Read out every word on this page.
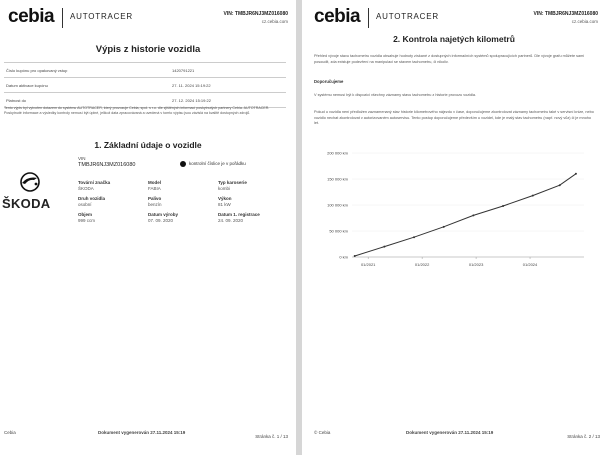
cebia AUTOTRACER	VIN: TMBJR6NJ3MZ016080
cz.cebia.com
Výpis z historie vozidla
Číslo kupónu pro opakovaný vstup	1420791221
Datum aktivace kupónu	27. 11. 2024 15:19:22
Platnost do	27. 12. 2024 15:19:22
Tento výpis byl vytvořen dotazem do systému AUTOTRACER, který provozuje Cebia, spol. s r.o. dle zjištěných informací poskytnutých partnery Cebia. AUTOTRACER. Poskytnuté informace a výsledky kontroly nemusí být úplné, jelikož data zpracovávaná a uvedená v tomto výpisu jsou závislá na kvalitě dostupných zdrojů.
1. Základní údaje o vozidle
ŠKODA
VIN
TMBJR6NJ3MZ016080	kontrolní číslice je v pořádku
Tovární značka
ŠKODA
Model
FABIA
Typ karoserie
kombi
Druh vozidla
osobní
Palivo
benzín
Výkon
81 kW
Objem
999 ccm
Datum výroby
07. 09. 2020
Datum 1. registrace
24. 09. 2020
Cebia	Dokument vygenerován 27.11.2024 15:19
Stránka č. 1 / 13
cebia AUTOTRACER	VIN: TMBJR6NJ3MZ016080
cz.cebia.com
2. Kontrola najetých kilometrů
Přehled vývoje stavu tachometru vozidla obsahuje hodnoty získané z dostupných informačních systémů spolupracujících partnerů. Dle vývoje grafu můžete sami posoudit, zda existuje podezření na manipulaci se stavem tachometru, či nikoliv.
Doporučujeme
V systému nemusí být k dispozici všechny záznamy stavu tachometru z historie provozu vozidla.
Pokud u vozidla není předložen zaznamenaný stav historie kilometrového nájezdu v čase, doporučujeme zkontrolovat záznamy tachometru také v servisní knize, nebo vozidlo nechat zkontrolovat v autorizovaném autoservisu. Tento postup doporučujeme především u vozidel, kde je malý stav tachometru (např. nový vůz) či je mnoho let.
0 km
50 000 km
100 000 km
150 000 km
200 000 km
01/2021	01/2022	01/2023	01/2024
© Cebia	Dokument vygenerován 27.11.2024 15:19
Stránka č. 2 / 13
